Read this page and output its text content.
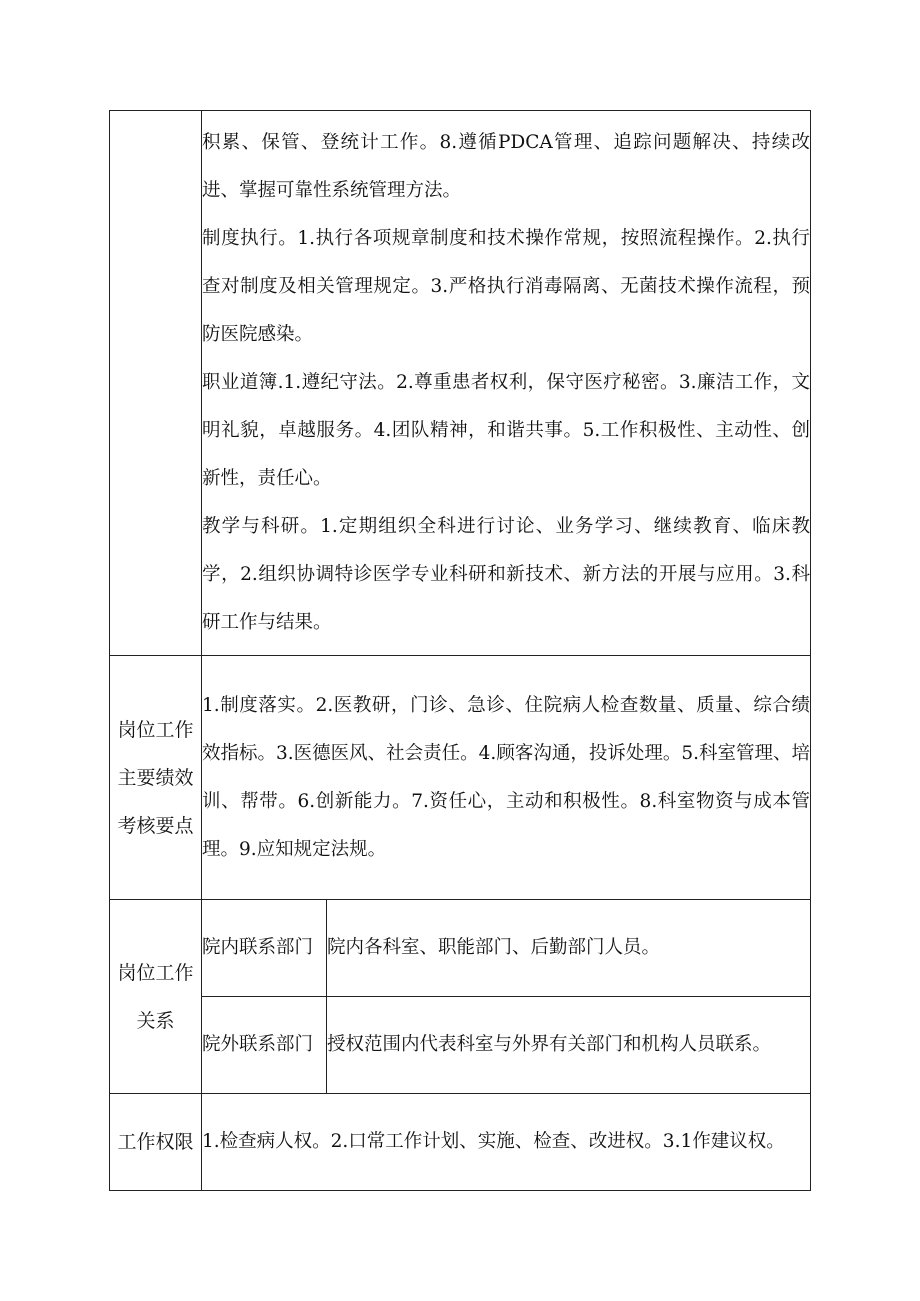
	积累、保管、登统计工作。8.遵循PDCA管理、追踪问题解决、持续改进、掌握可靠性系统管理方法。
制度执行。1.执行各项规章制度和技术操作常规，按照流程操作。2.执行查对制度及相关管理规定。3.严格执行消毒隔离、无菌技术操作流程，预防医院感染。
职业道簿.1.遵纪守法。2.尊重患者权利，保守医疗秘密。3.廉洁工作，文明礼貌，卓越服务。4.团队精神，和谐共事。5.工作积极性、主动性、创新性，责任心。
教学与科研。1.定期组织全科进行讨论、业务学习、继续教育、临床教学，2.组织协调特诊医学专业科研和新技术、新方法的开展与应用。3.科研工作与结果。	

岗位工作主要绩效考核要点	1.制度落实。2.医教研，门诊、急诊、住院病人检查数量、质量、综合绩效指标。3.医德医风、社会责任。4.顾客沟通，投诉处理。5.科室管理、培训、帮带。6.创新能力。7.资任心，主动和积极性。8.科室物资与成本管理。9.应知规定法规。	

岗位工作关系	院内联系部门	院内各科室、职能部门、后勤部门人员。
	院外联系部门	授权范围内代表科室与外界有关部门和机构人员联系。
工作权限	1.检查病人权。2.口常工作计划、实施、检查、改进权。3.1作建议权。	
